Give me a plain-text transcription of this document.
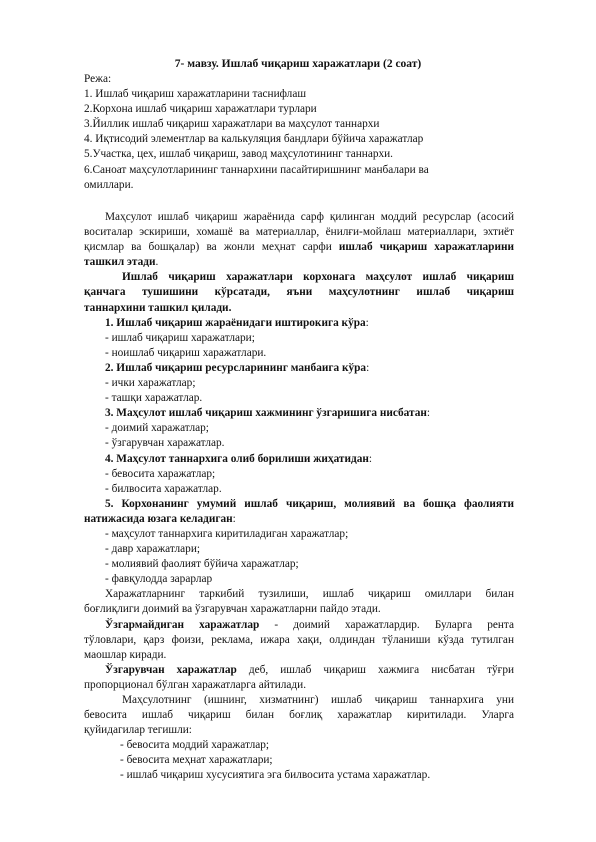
7- мавзу. Ишлаб чиқариш харажатлари (2 соат)
Режа:
1. Ишлаб чиқариш харажатларини таснифлаш
2.Корхона ишлаб чиқариш харажатлари турлари
3.Йиллик ишлаб чиқариш харажатлари ва маҳсулот таннархи
4. Иқтисодий элементлар ва калькуляция бандлари бўйича харажатлар
5.Участка, цех, ишлаб чиқариш, завод маҳсулотининг таннархи.
6.Саноат маҳсулотларининг таннархини пасайтиришнинг манбалари ва
омиллари.
Маҳсулот ишлаб чиқариш жараёнида сарф қилинган моддий ресурслар (асосий
воситалар эскириши, хомашё ва материаллар, ёнилғи-мойлаш материаллари, эхтиёт
қисмлар ва бошқалар) ва жонли меҳнат сарфи ишлаб чиқариш харажатларини
ташкил этади.
Ишлаб чиқариш харажатлари корхонага маҳсулот ишлаб чиқариш
қанчага тушишини кўрсатади, яъни маҳсулотнинг ишлаб чиқариш
таннархини ташкил қилади.
1. Ишлаб чиқариш жараёнидаги иштирокига кўра:
- ишлаб чиқариш харажатлари;
- ноишлаб чиқариш харажатлари.
2. Ишлаб чиқариш ресурсларининг манбаига кўра:
- ички харажатлар;
- ташқи харажатлар.
3. Маҳсулот ишлаб чиқариш хажмининг ўзгаришига нисбатан:
- доимий харажатлар;
- ўзгарувчан харажатлар.
4. Маҳсулот таннархига олиб борилиши жиҳатидан:
- бевосита харажатлар;
- билвосита харажатлар.
5. Корхонанинг умумий ишлаб чиқариш, молиявий ва бошқа фаолияти
натижасида юзага келадиган:
- маҳсулот таннархига киритиладиган харажатлар;
- давр харажатлари;
- молиявий фаолият бўйича харажатлар;
- фавқулодда зарарлар
Харажатларнинг таркибий тузилиши, ишлаб чиқариш омиллари билан
боғлиқлиги доимий ва ўзгарувчан харажатларни пайдо этади.
Ўзгармайдиган харажатлар - доимий харажатлардир. Буларга рента
тўловлари, қарз фоизи, реклама, ижара хақи, олдиндан тўланиши кўзда тутилган
маошлар киради.
Ўзгарувчан харажатлар деб, ишлаб чиқариш хажмига нисбатан тўғри
пропорционал бўлган харажатларга айтилади.
Маҳсулотнинг (ишнинг, хизматнинг) ишлаб чиқариш таннархига уни
бевосита ишлаб чиқариш билан боғлиқ харажатлар киритилади. Уларга
қуйидагилар тегишли:
- бевосита моддий харажатлар;
- бевосита меҳнат харажатлари;
- ишлаб чиқариш хусусиятига эга билвосита устама харажатлар.
